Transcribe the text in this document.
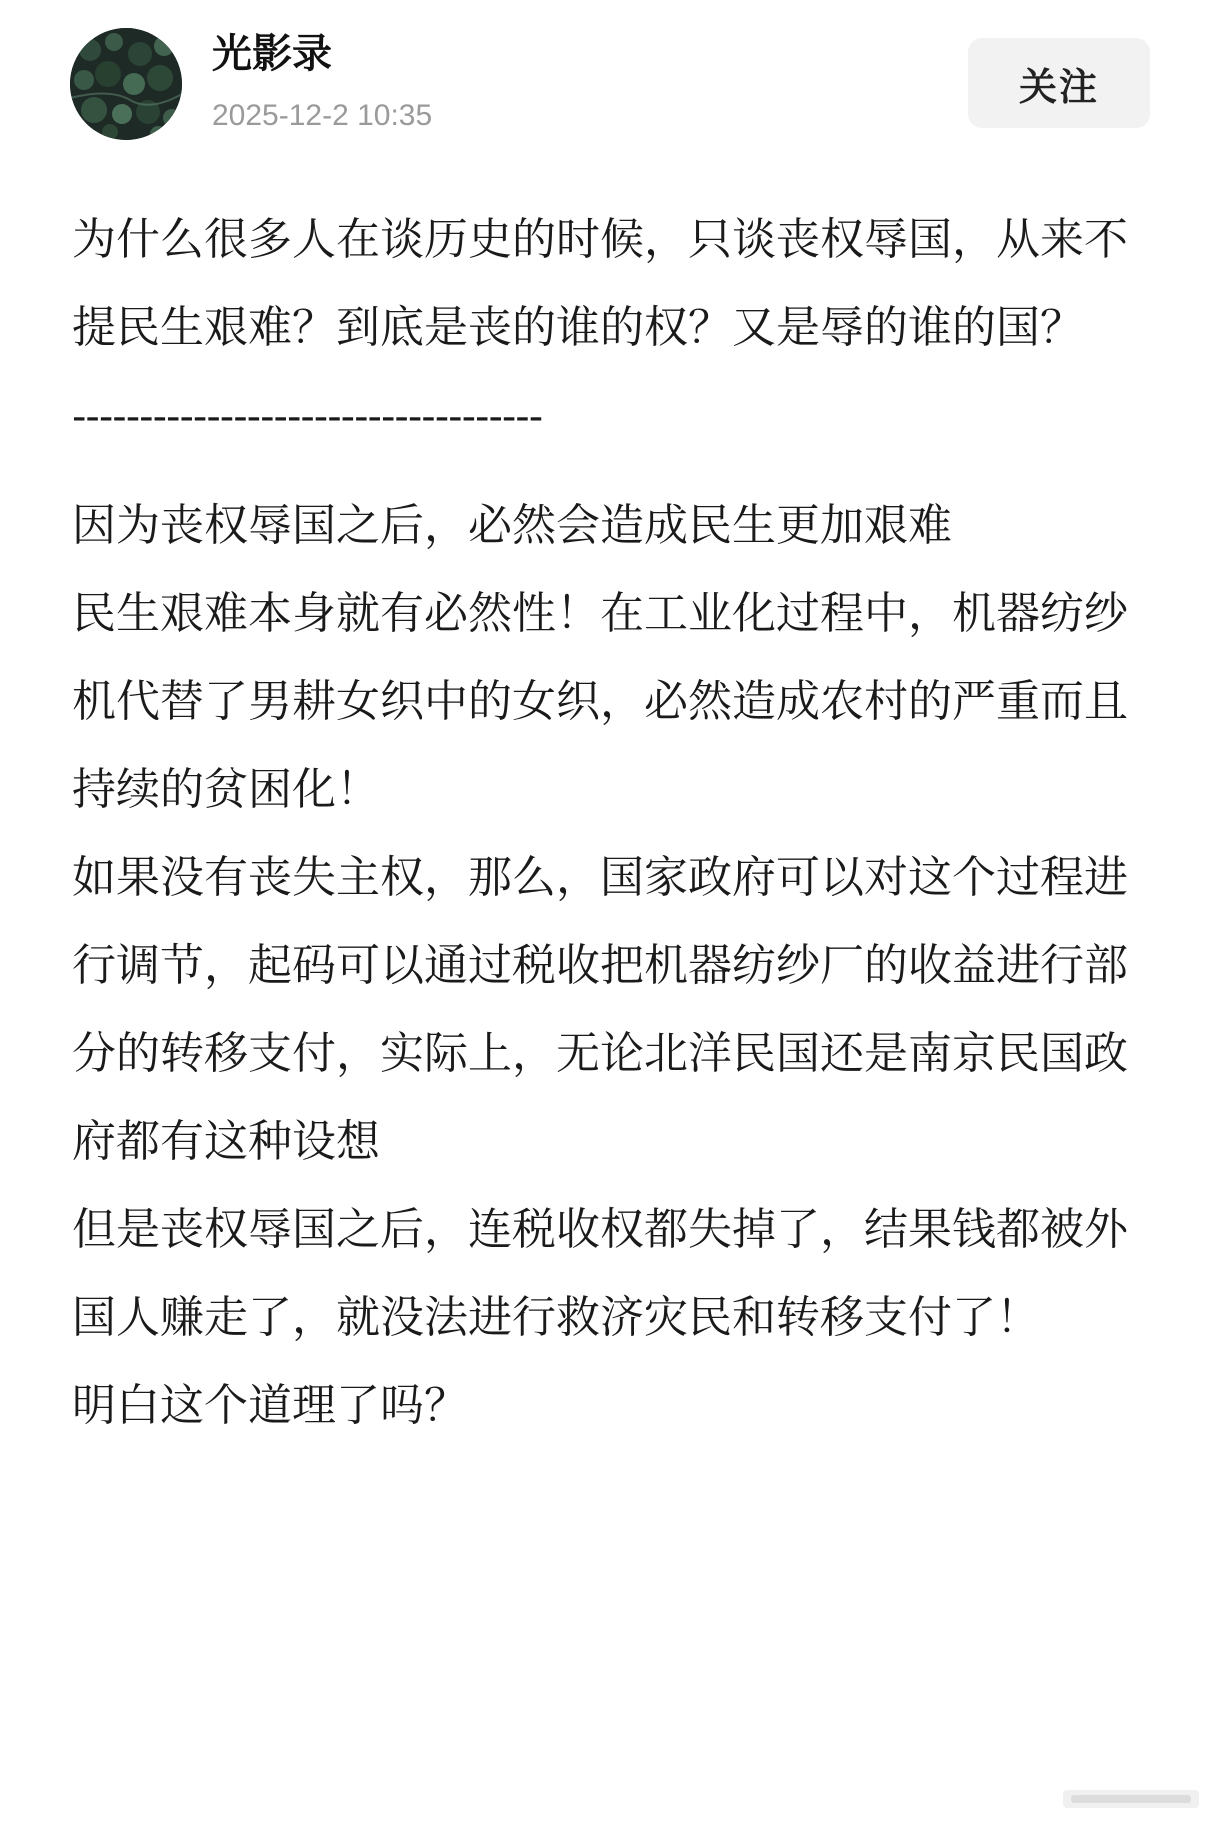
光影录
2025-12-2 10:35
关注

为什么很多人在谈历史的时候，只谈丧权辱国，从来不提民生艰难？到底是丧的谁的权？又是辱的谁的国？

-----------------------------------

因为丧权辱国之后，必然会造成民生更加艰难

民生艰难本身就有必然性！在工业化过程中，机器纺纱机代替了男耕女织中的女织，必然造成农村的严重而且持续的贫困化！

如果没有丧失主权，那么，国家政府可以对这个过程进行调节，起码可以通过税收把机器纺纱厂的收益进行部分的转移支付，实际上，无论北洋民国还是南京民国政府都有这种设想

但是丧权辱国之后，连税收权都失掉了，结果钱都被外国人赚走了，就没法进行救济灾民和转移支付了！

明白这个道理了吗？
